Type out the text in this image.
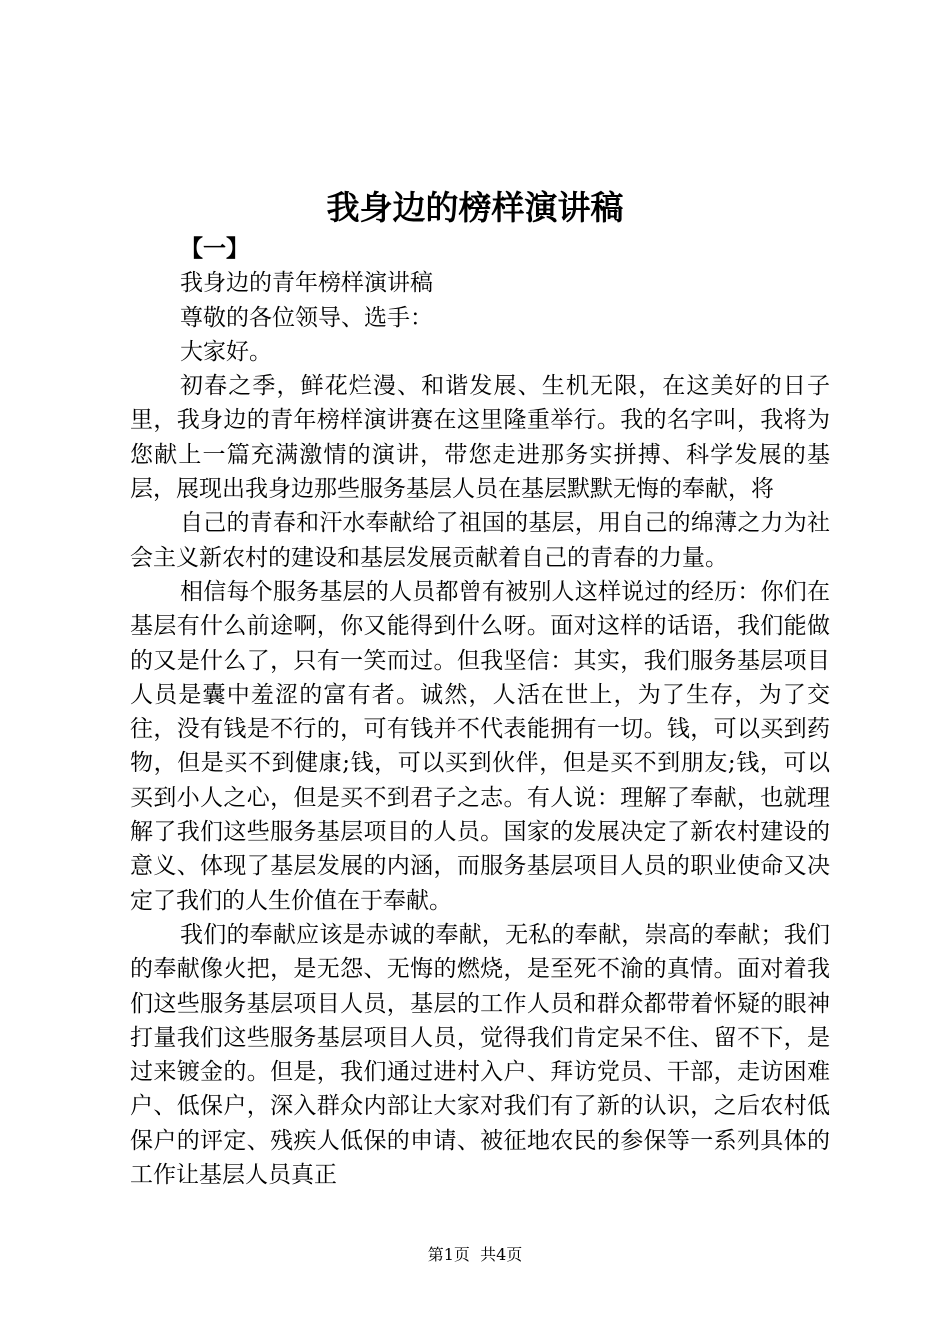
我身边的榜样演讲稿

【一】

我身边的青年榜样演讲稿

尊敬的各位领导、选手：

大家好。

初春之季，鲜花烂漫、和谐发展、生机无限，在这美好的日子里，我身边的青年榜样演讲赛在这里隆重举行。我的名字叫，我将为您献上一篇充满激情的演讲，带您走进那务实拼搏、科学发展的基层，展现出我身边那些服务基层人员在基层默默无悔的奉献，将

自己的青春和汗水奉献给了祖国的基层，用自己的绵薄之力为社会主义新农村的建设和基层发展贡献着自己的青春的力量。

相信每个服务基层的人员都曾有被别人这样说过的经历：你们在基层有什么前途啊，你又能得到什么呀。面对这样的话语，我们能做的又是什么了，只有一笑而过。但我坚信：其实，我们服务基层项目人员是囊中羞涩的富有者。诚然，人活在世上，为了生存，为了交往，没有钱是不行的，可有钱并不代表能拥有一切。钱，可以买到药物，但是买不到健康;钱，可以买到伙伴，但是买不到朋友;钱，可以买到小人之心，但是买不到君子之志。有人说：理解了奉献，也就理解了我们这些服务基层项目的人员。国家的发展决定了新农村建设的意义、体现了基层发展的内涵，而服务基层项目人员的职业使命又决定了我们的人生价值在于奉献。

我们的奉献应该是赤诚的奉献，无私的奉献，崇高的奉献；我们的奉献像火把，是无怨、无悔的燃烧，是至死不渝的真情。面对着我们这些服务基层项目人员，基层的工作人员和群众都带着怀疑的眼神打量我们这些服务基层项目人员，觉得我们肯定呆不住、留不下，是过来镀金的。但是，我们通过进村入户、拜访党员、干部，走访困难户、低保户，深入群众内部让大家对我们有了新的认识，之后农村低保户的评定、残疾人低保的申请、被征地农民的参保等一系列具体的工作让基层人员真正

第1页 共4页
